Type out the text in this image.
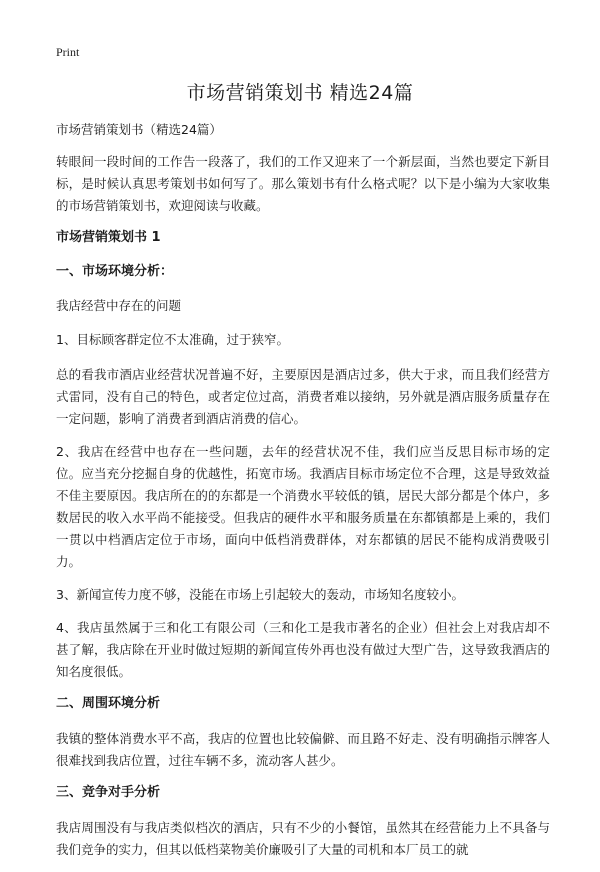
Print
市场营销策划书 精选24篇
市场营销策划书（精选24篇）

转眼间一段时间的工作告一段落了，我们的工作又迎来了一个新层面，当然也要定下新目标，是时候认真思考策划书如何写了。那么策划书有什么格式呢？以下是小编为大家收集的市场营销策划书，欢迎阅读与收藏。

市场营销策划书 1
一、市场环境分析：

我店经营中存在的问题

1、目标顾客群定位不太准确，过于狭窄。

总的看我市酒店业经营状况普遍不好，主要原因是酒店过多，供大于求，而且我们经营方式雷同，没有自己的特色，或者定位过高，消费者难以接纳，另外就是酒店服务质量存在一定问题，影响了消费者到酒店消费的信心。

2、我店在经营中也存在一些问题，去年的经营状况不佳，我们应当反思目标市场的定位。应当充分挖掘自身的优越性，拓宽市场。我酒店目标市场定位不合理，这是导致效益不佳主要原因。我店所在的的东都是一个消费水平较低的镇，居民大部分都是个体户，多数居民的收入水平尚不能接受。但我店的硬件水平和服务质量在东都镇都是上乘的，我们一贯以中档酒店定位于市场，面向中低档消费群体，对东都镇的居民不能构成消费吸引力。

3、新闻宣传力度不够，没能在市场上引起较大的轰动，市场知名度较小。

4、我店虽然属于三和化工有限公司（三和化工是我市著名的企业）但社会上对我店却不甚了解，我店除在开业时做过短期的新闻宣传外再也没有做过大型广告，这导致我酒店的知名度很低。

二、周围环境分析

我镇的整体消费水平不高，我店的位置也比较偏僻、而且路不好走、没有明确指示牌客人很难找到我店位置，过往车辆不多，流动客人甚少。

三、竞争对手分析

我店周围没有与我店类似档次的酒店，只有不少的小餐馆，虽然其在经营能力上不具备与我们竞争的实力，但其以低档菜物美价廉吸引了大量的司机和本厂员工的就
